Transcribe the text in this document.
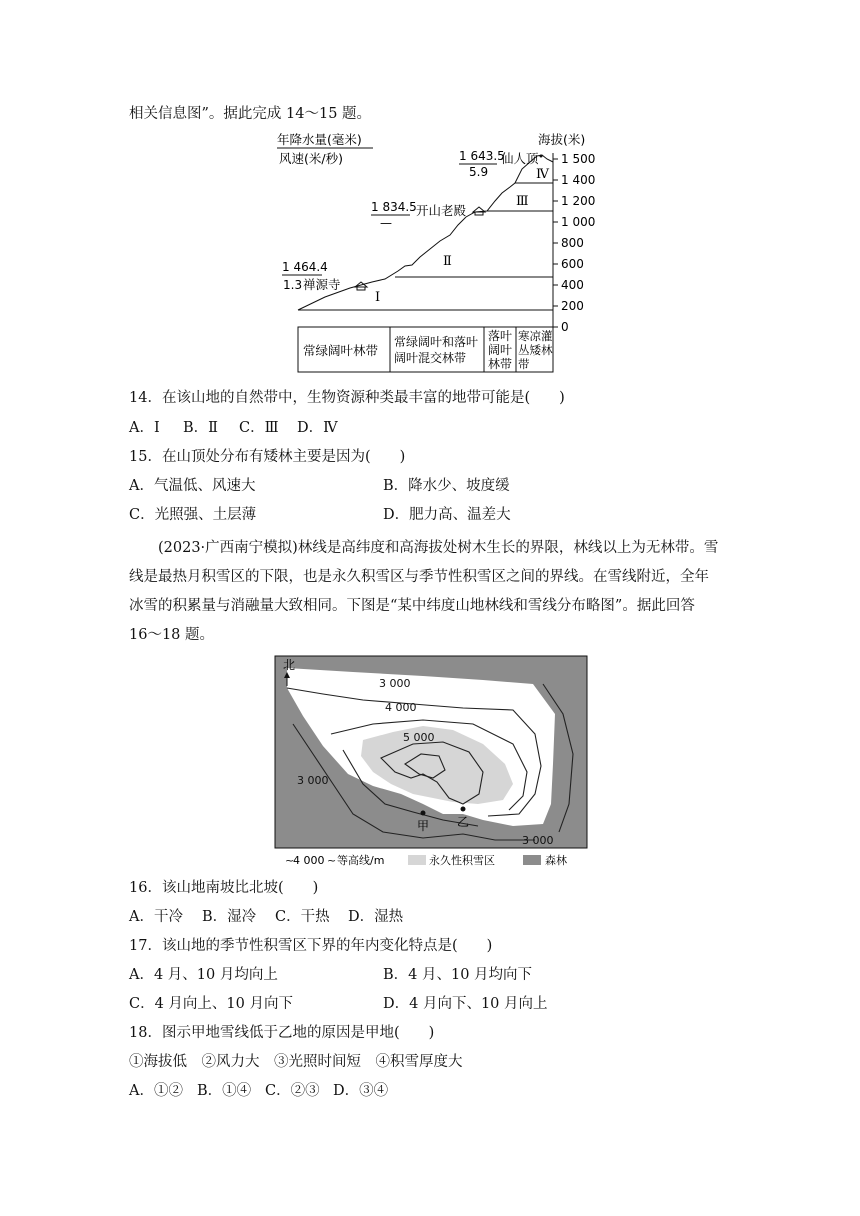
相关信息图”。据此完成 14～15 题。
年降水量(毫米)
风速(米/秒)
海拔(米)
1 500
1 400
1 200
1 000
800
600
400
200
0
1 643.5
5.9
仙人顶
1 834.5
—
开山老殿
1 464.4
1.3 禅源寺
Ⅰ
Ⅱ
Ⅲ
Ⅳ
常绿阔叶林带
常绿阔叶和落叶
阔叶混交林带
落叶
阔叶
林带
寒凉灌
丛矮林
带
14．在该山地的自然带中，生物资源种类最丰富的地带可能是(　　)
A．Ⅰ B．Ⅱ C．Ⅲ D．Ⅳ
15．在山顶处分布有矮林主要是因为(　　)
A．气温低、风速大	B．降水少、坡度缓
C．光照强、土层薄	D．肥力高、温差大
(2023·广西南宁模拟)林线是高纬度和高海拔处树木生长的界限，林线以上为无林带。雪
线是最热月积雪区的下限，也是永久积雪区与季节性积雪区之间的界线。在雪线附近，全年
冰雪的积累量与消融量大致相同。下图是“某中纬度山地林线和雪线分布略图”。据此回答
16～18 题。
北
3 000
4 000
5 000
3 000
3 000
甲 乙
~
4 000 ~ 等高线/m	永久性积雪区	森林
16．该山地南坡比北坡(　　)
A．干冷 B．湿冷 C．干热 D．湿热
17．该山地的季节性积雪区下界的年内变化特点是(　　)
A．4 月、10 月均向上	B．4 月、10 月均向下
C．4 月向上、10 月向下	D．4 月向下、10 月向上
18．图示甲地雪线低于乙地的原因是甲地(　　)
①海拔低　②风力大　③光照时间短　④积雪厚度大
A．①② B．①④ C．②③ D．③④
